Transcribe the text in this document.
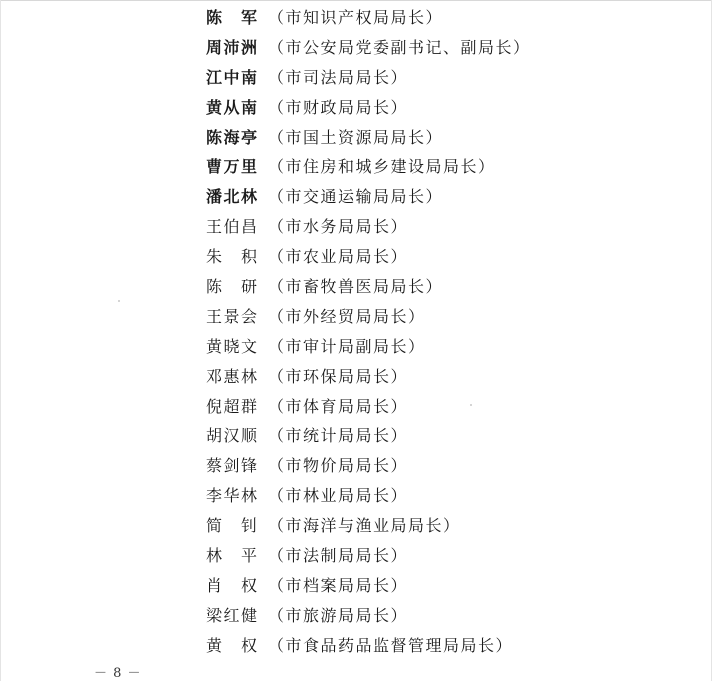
陈　军 （市知识产权局局长）
周沛洲 （市公安局党委副书记、副局长）
江中南 （市司法局局长）
黄从南 （市财政局局长）
陈海亭 （市国土资源局局长）
曹万里 （市住房和城乡建设局局长）
潘北林 （市交通运输局局长）
王伯昌 （市水务局局长）
朱　积 （市农业局局长）
陈　研 （市畜牧兽医局局长）
王景会 （市外经贸局局长）
黄晓文 （市审计局副局长）
邓惠林 （市环保局局长）
倪超群 （市体育局局长）
胡汉顺 （市统计局局长）
蔡剑锋 （市物价局局长）
李华林 （市林业局局长）
简　钊 （市海洋与渔业局局长）
林　平 （市法制局局长）
肖　权 （市档案局局长）
梁红健 （市旅游局局长）
黄　权 （市食品药品监督管理局局长）
－ 8 －
